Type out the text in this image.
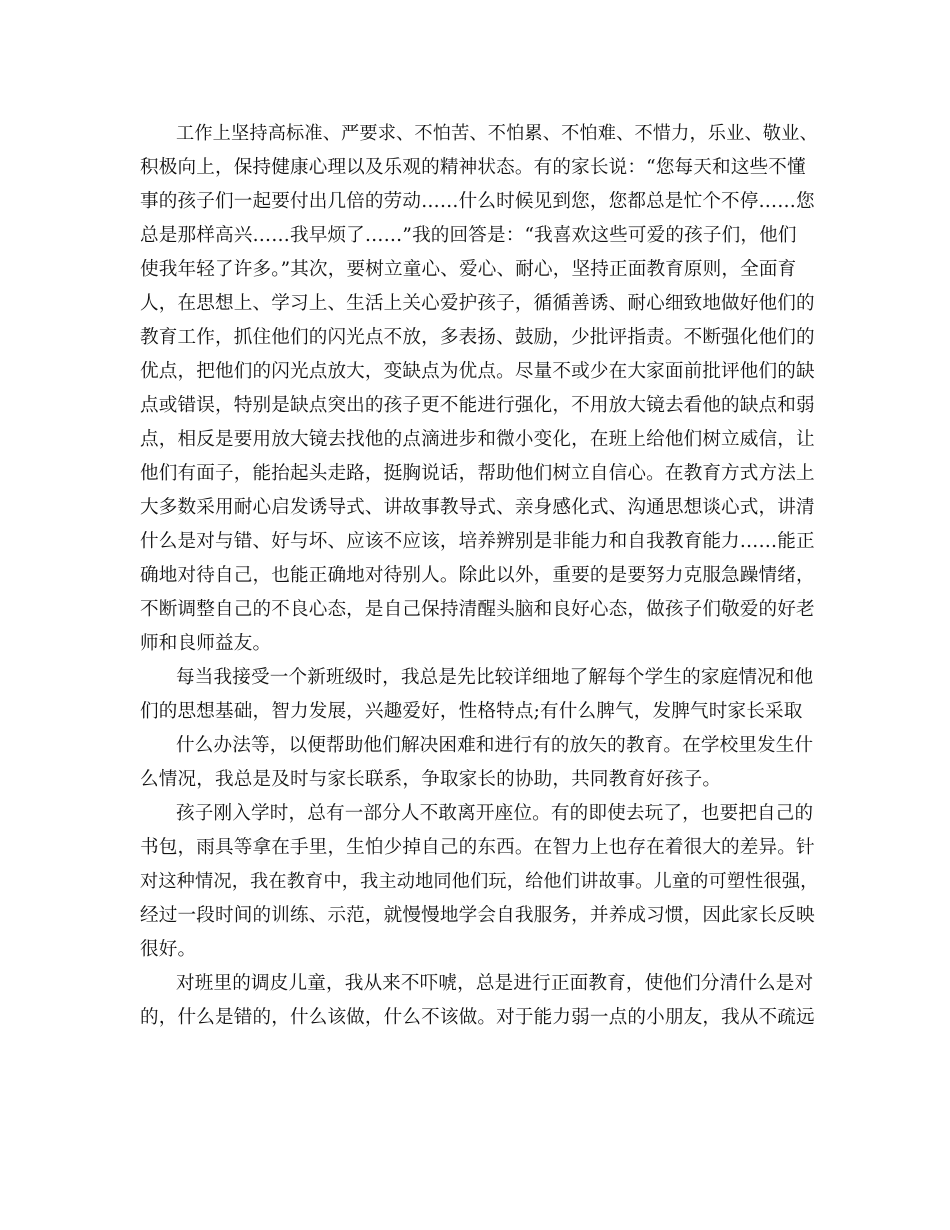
工作上坚持高标准、严要求、不怕苦、不怕累、不怕难、不惜力，乐业、敬业、
积极向上，保持健康心理以及乐观的精神状态。有的家长说：“您每天和这些不懂
事的孩子们一起要付出几倍的劳动……什么时候见到您，您都总是忙个不停……您
总是那样高兴……我早烦了……”我的回答是：“我喜欢这些可爱的孩子们，他们
使我年轻了许多。”其次，要树立童心、爱心、耐心，坚持正面教育原则，全面育
人，在思想上、学习上、生活上关心爱护孩子，循循善诱、耐心细致地做好他们的
教育工作，抓住他们的闪光点不放，多表扬、鼓励，少批评指责。不断强化他们的
优点，把他们的闪光点放大，变缺点为优点。尽量不或少在大家面前批评他们的缺
点或错误，特别是缺点突出的孩子更不能进行强化，不用放大镜去看他的缺点和弱
点，相反是要用放大镜去找他的点滴进步和微小变化，在班上给他们树立威信，让
他们有面子，能抬起头走路，挺胸说话，帮助他们树立自信心。在教育方式方法上
大多数采用耐心启发诱导式、讲故事教导式、亲身感化式、沟通思想谈心式，讲清
什么是对与错、好与坏、应该不应该，培养辨别是非能力和自我教育能力……能正
确地对待自己，也能正确地对待别人。除此以外，重要的是要努力克服急躁情绪，
不断调整自己的不良心态，是自己保持清醒头脑和良好心态，做孩子们敬爱的好老
师和良师益友。
每当我接受一个新班级时，我总是先比较详细地了解每个学生的家庭情况和他
们的思想基础，智力发展，兴趣爱好，性格特点;有什么脾气，发脾气时家长采取
什么办法等，以便帮助他们解决困难和进行有的放矢的教育。在学校里发生什
么情况，我总是及时与家长联系，争取家长的协助，共同教育好孩子。
孩子刚入学时，总有一部分人不敢离开座位。有的即使去玩了，也要把自己的
书包，雨具等拿在手里，生怕少掉自己的东西。在智力上也存在着很大的差异。针
对这种情况，我在教育中，我主动地同他们玩，给他们讲故事。儿童的可塑性很强，
经过一段时间的训练、示范，就慢慢地学会自我服务，并养成习惯，因此家长反映
很好。
对班里的调皮儿童，我从来不吓唬，总是进行正面教育，使他们分清什么是对
的，什么是错的，什么该做，什么不该做。对于能力弱一点的小朋友，我从不疏远
